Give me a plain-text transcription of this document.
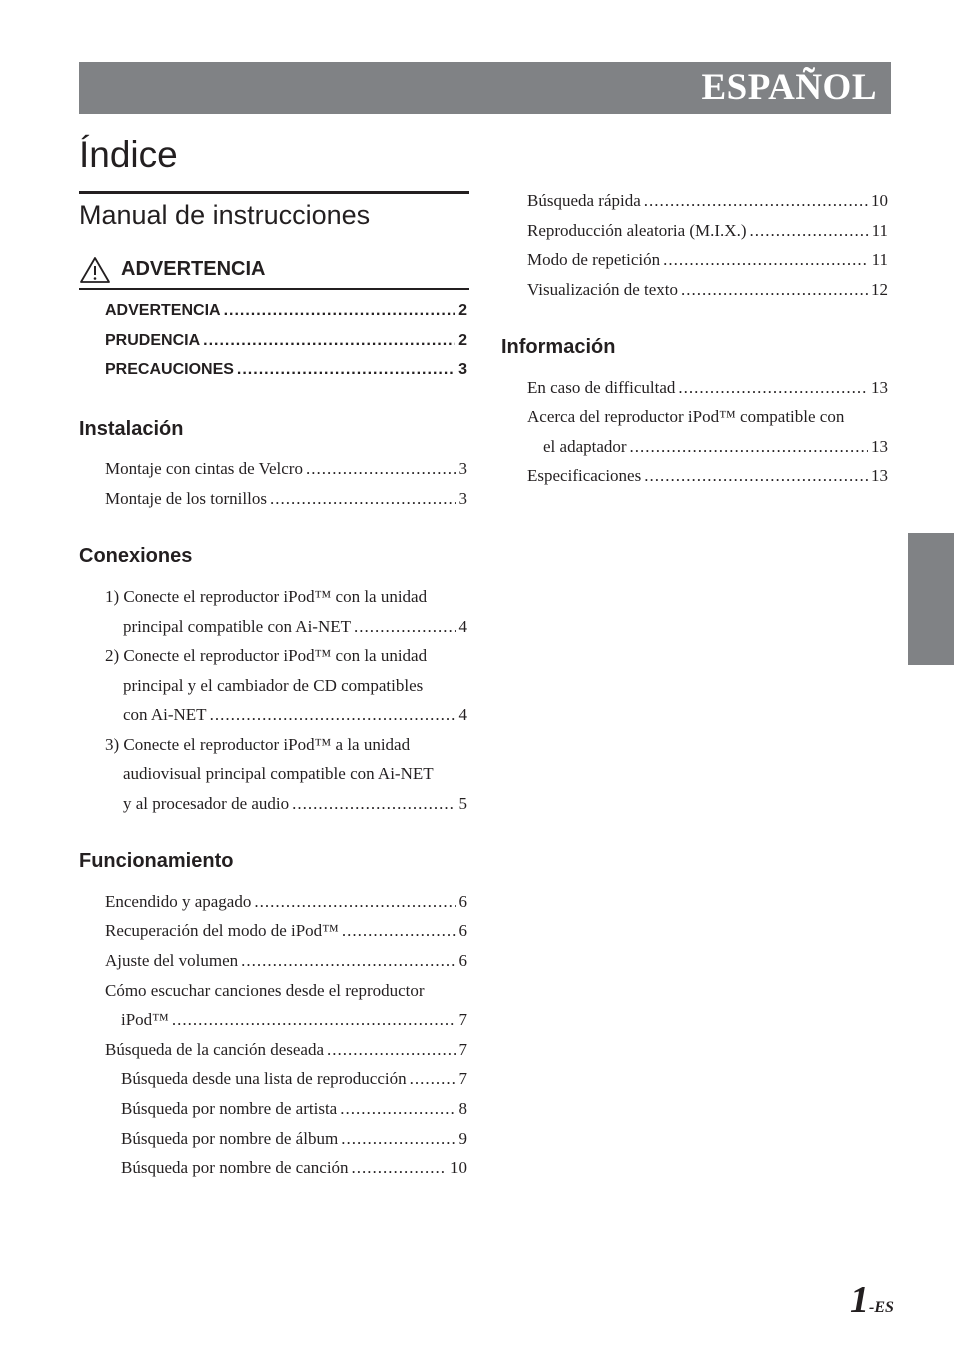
ESPAÑOL
Índice
Manual de instrucciones
ADVERTENCIA
ADVERTENCIA .....	2
PRUDENCIA .....	2
PRECAUCIONES .....	3
Instalación
Montaje con cintas de Velcro .....	3
Montaje de los tornillos .....	3
Conexiones
1) Conecte el reproductor iPod™ con la unidad
principal compatible con Ai-NET .....	4
2) Conecte el reproductor iPod™ con la unidad
principal y el cambiador de CD compatibles
con Ai-NET .....	4
3) Conecte el reproductor iPod™ a la unidad
audiovisual principal compatible con Ai-NET
y al procesador de audio .....	5
Funcionamiento
Encendido y apagado .....	6
Recuperación del modo de iPod™ .....	6
Ajuste del volumen .....	6
Cómo escuchar canciones desde el reproductor
iPod™ .....	7
Búsqueda de la canción deseada .....	7
Búsqueda desde una lista de reproducción .....	7
Búsqueda por nombre de artista .....	8
Búsqueda por nombre de álbum .....	9
Búsqueda por nombre de canción .....	10
Búsqueda rápida .....	10
Reproducción aleatoria (M.I.X.) .....	11
Modo de repetición .....	11
Visualización de texto .....	12
Información
En caso de difficultad .....	13
Acerca del reproductor iPod™ compatible con
el adaptador .....	13
Especificaciones .....	13
1-ES
